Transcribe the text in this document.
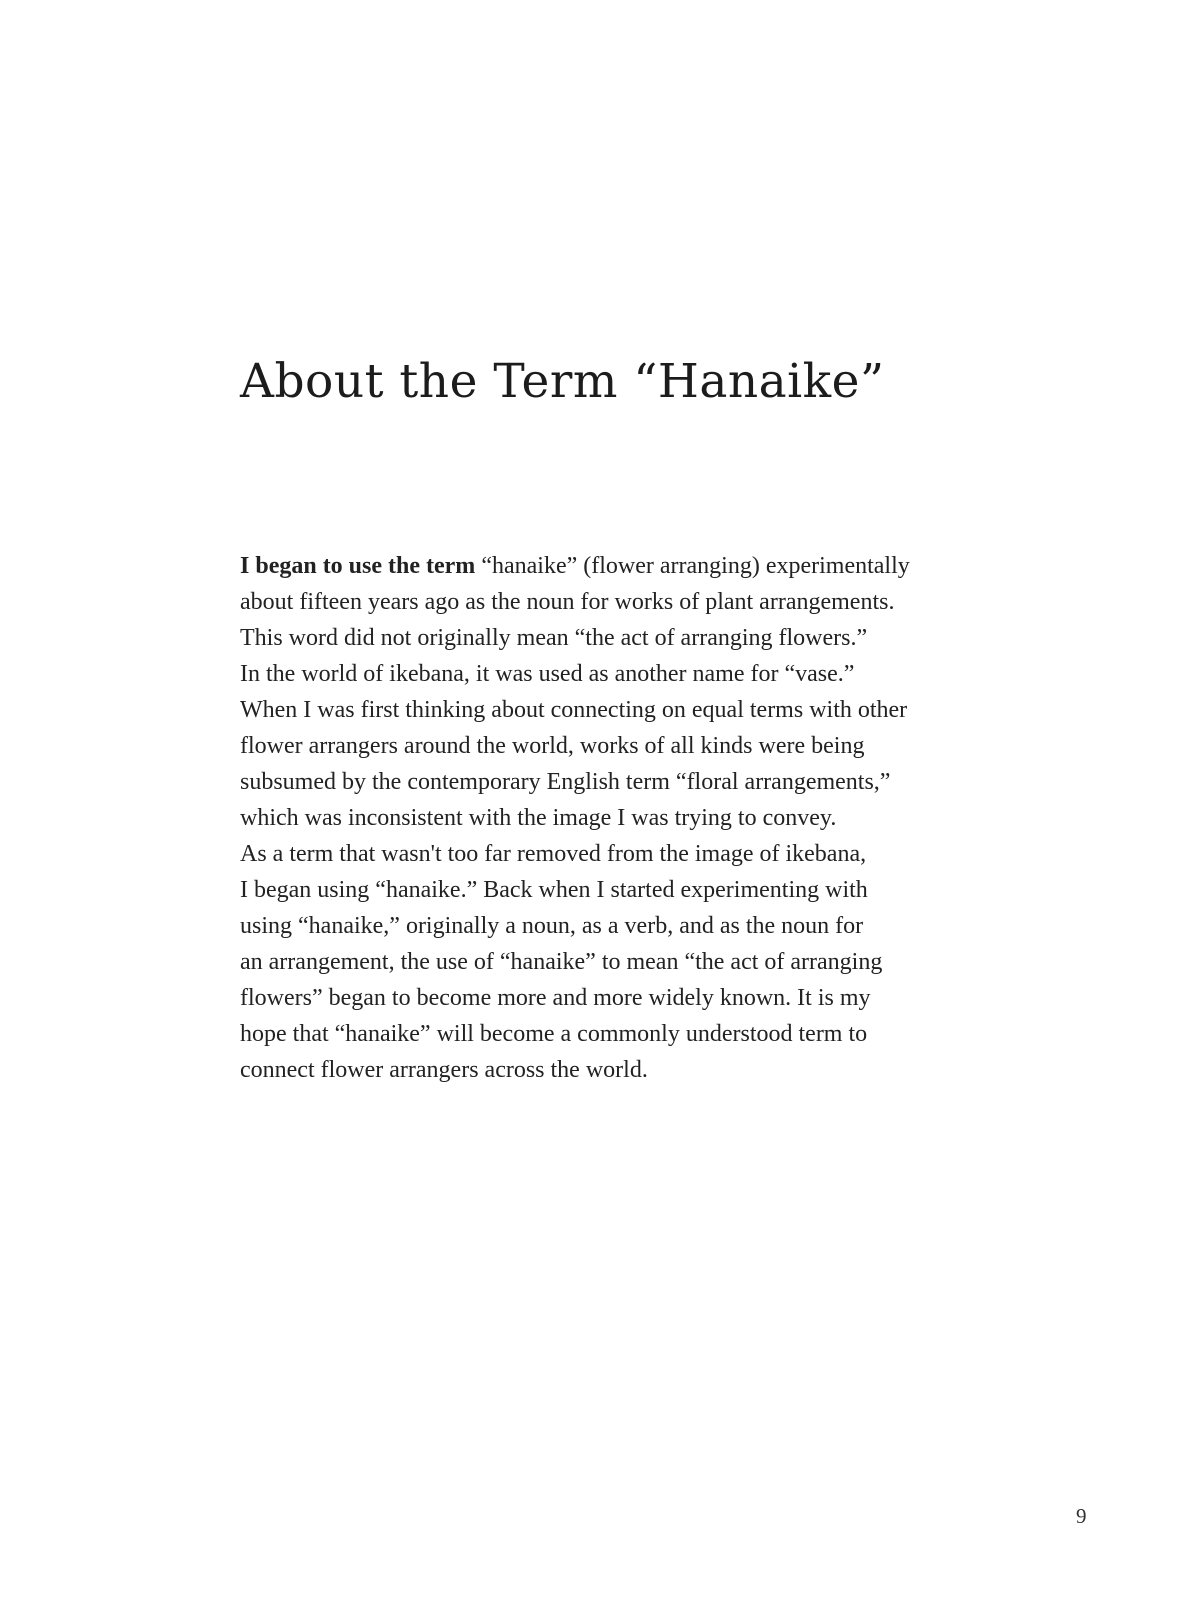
About the Term “Hanaike”
I began to use the term “hanaike” (flower arranging) experimentally
about fifteen years ago as the noun for works of plant arrangements.
This word did not originally mean “the act of arranging flowers.”
In the world of ikebana, it was used as another name for “vase.”
When I was first thinking about connecting on equal terms with other
flower arrangers around the world, works of all kinds were being
subsumed by the contemporary English term “floral arrangements,”
which was inconsistent with the image I was trying to convey.
As a term that wasn't too far removed from the image of ikebana,
I began using “hanaike.” Back when I started experimenting with
using “hanaike,” originally a noun, as a verb, and as the noun for
an arrangement, the use of “hanaike” to mean “the act of arranging
flowers” began to become more and more widely known. It is my
hope that “hanaike” will become a commonly understood term to
connect flower arrangers across the world.
9
